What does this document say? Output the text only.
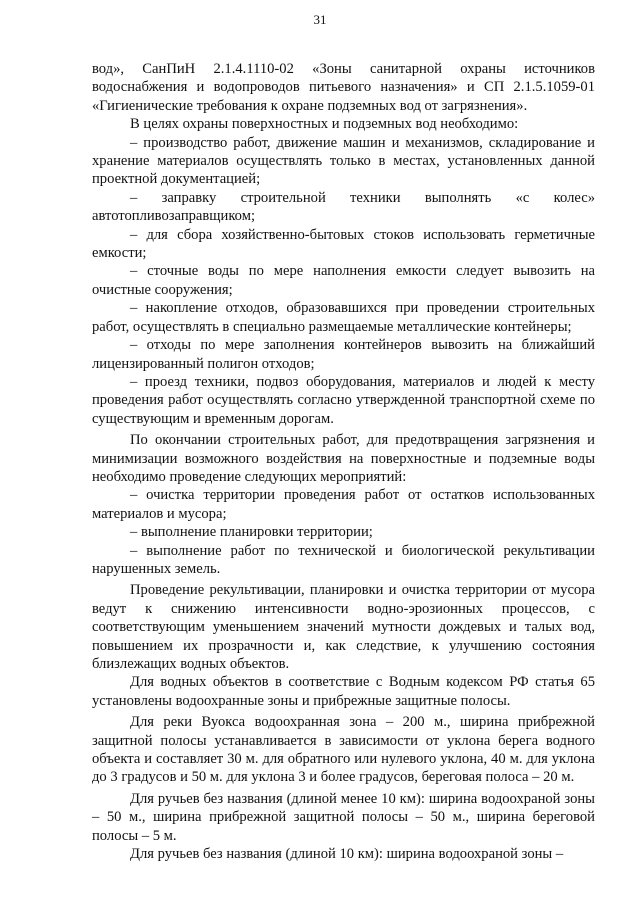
31

вод», СанПиН 2.1.4.1110-02 «Зоны санитарной охраны источников водоснабжения и водопроводов питьевого назначения» и СП 2.1.5.1059-01 «Гигиенические требования к охране подземных вод от загрязнения».

В целях охраны поверхностных и подземных вод необходимо:

– производство работ, движение машин и механизмов, складирование и хранение материалов осуществлять только в местах, установленных данной проектной документацией;

– заправку строительной техники выполнять «с колес» автотопливозаправщиком;

– для сбора хозяйственно-бытовых стоков использовать герметичные емкости;

– сточные воды по мере наполнения емкости следует вывозить на очистные сооружения;

– накопление отходов, образовавшихся при проведении строительных работ, осуществлять в специально размещаемые металлические контейнеры;

– отходы по мере заполнения контейнеров вывозить на ближайший лицензированный полигон отходов;

– проезд техники, подвоз оборудования, материалов и людей к месту проведения работ осуществлять согласно утвержденной транспортной схеме по существующим и временным дорогам.

По окончании строительных работ, для предотвращения загрязнения и минимизации возможного воздействия на поверхностные и подземные воды необходимо проведение следующих мероприятий:

– очистка территории проведения работ от остатков использованных материалов и мусора;

– выполнение планировки территории;

– выполнение работ по технической и биологической рекультивации нарушенных земель.

Проведение рекультивации, планировки и очистка территории от мусора ведут к снижению интенсивности водно-эрозионных процессов, с соответствующим уменьшением значений мутности дождевых и талых вод, повышением их прозрачности и, как следствие, к улучшению состояния близлежащих водных объектов.

Для водных объектов в соответствие с Водным кодексом РФ статья 65 установлены водоохранные зоны и прибрежные защитные полосы.

Для реки Вуокса водоохранная зона – 200 м., ширина прибрежной защитной полосы устанавливается в зависимости от уклона берега водного объекта и составляет 30 м. для обратного или нулевого уклона, 40 м. для уклона до 3 градусов и 50 м. для уклона 3 и более градусов, береговая полоса – 20 м.

Для ручьев без названия (длиной менее 10 км): ширина водоохраной зоны – 50 м., ширина прибрежной защитной полосы – 50 м., ширина береговой полосы – 5 м.

Для ручьев без названия (длиной 10 км): ширина водоохраной зоны –
